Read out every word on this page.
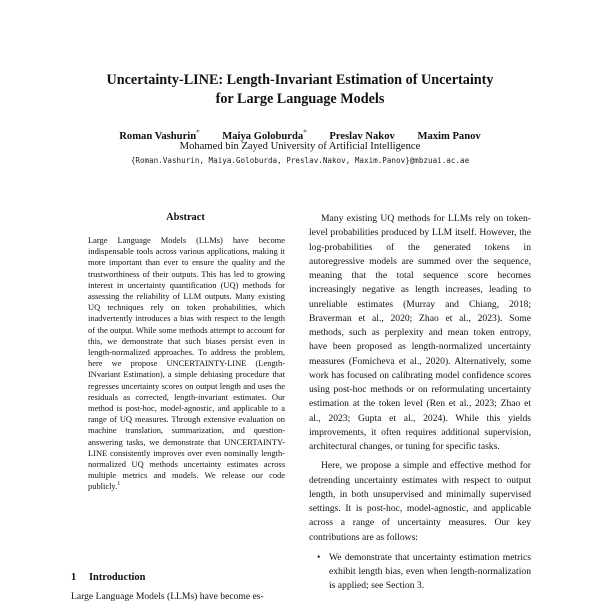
Uncertainty-LINE: Length-Invariant Estimation of Uncertainty
for Large Language Models
Roman Vashurin* Maiya Goloburda* Preslav Nakov Maxim Panov
Mohamed bin Zayed University of Artificial Intelligence
{Roman.Vashurin, Maiya.Goloburda, Preslav.Nakov, Maxim.Panov}@mbzuai.ac.ae
Abstract
Large Language Models (LLMs) have become indispensable tools across various applications, making it more important than ever to ensure the quality and the trustworthiness of their outputs. This has led to growing interest in uncertainty quantification (UQ) methods for assessing the reliability of LLM outputs. Many existing UQ techniques rely on token probabilities, which inadvertently introduces a bias with respect to the length of the output. While some methods attempt to account for this, we demonstrate that such biases persist even in length-normalized approaches. To address the problem, here we propose UNCERTAINTY-LINE (Length-INvariant Estimation), a simple debiasing procedure that regresses uncertainty scores on output length and uses the residuals as corrected, length-invariant estimates. Our method is post-hoc, model-agnostic, and applicable to a range of UQ measures. Through extensive evaluation on machine translation, summarization, and question-answering tasks, we demonstrate that UNCERTAINTY-LINE consistently improves over even nominally length-normalized UQ methods uncertainty estimates across multiple metrics and models. We release our code publicly.$^1$
1 Introduction
Large Language Models (LLMs) have become es-

Many existing UQ methods for LLMs rely on token-level probabilities produced by LLM itself. However, the log-probabilities of the generated tokens in autoregressive models are summed over the sequence, meaning that the total sequence score becomes increasingly negative as length increases, leading to unreliable estimates (Murray and Chiang, 2018; Braverman et al., 2020; Zhao et al., 2023). Some methods, such as perplexity and mean token entropy, have been proposed as length-normalized uncertainty measures (Fomicheva et al., 2020). Alternatively, some work has focused on calibrating model confidence scores using post-hoc methods or on reformulating uncertainty estimation at the token level (Ren et al., 2023; Zhao et al., 2023; Gupta et al., 2024). While this yields improvements, it often requires additional supervision, architectural changes, or tuning for specific tasks.

Here, we propose a simple and effective method for detrending uncertainty estimates with respect to output length, in both unsupervised and minimally supervised settings. It is post-hoc, model-agnostic, and applicable across a range of uncertainty measures. Our key contributions are as follows:

• We demonstrate that uncertainty estimation metrics exhibit length bias, even when length-normalization is applied; see Section 3.
